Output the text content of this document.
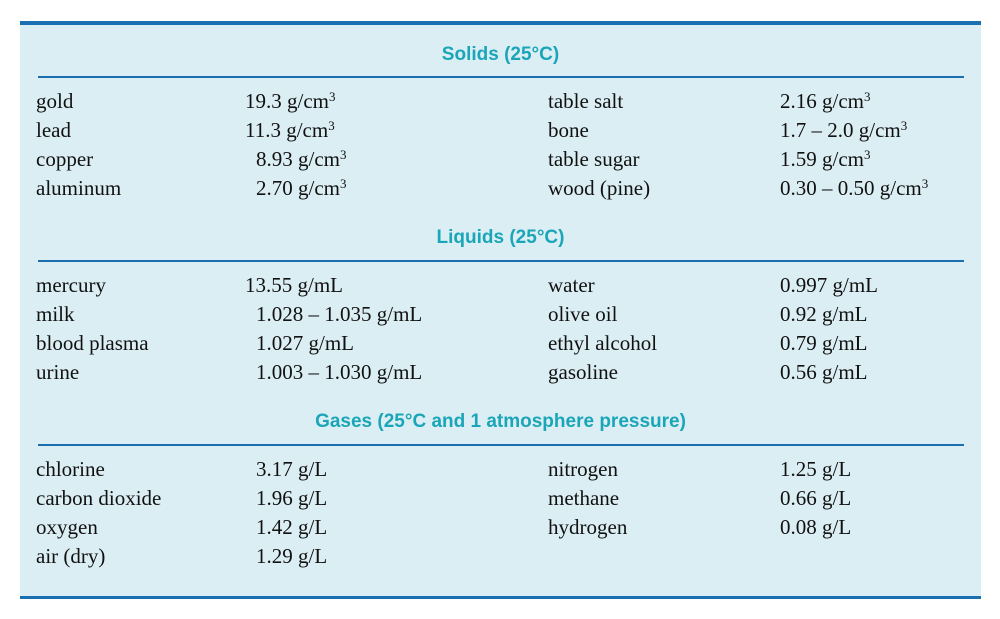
Solids (25°C)
gold	19.3 $g/cm^3$	table salt	2.16 $g/cm^3$
lead	11.3 $g/cm^3$	bone	1.7 – 2.0 $g/cm^3$
copper	8.93 $g/cm^3$	table sugar	1.59 $g/cm^3$
aluminum	2.70 $g/cm^3$	wood (pine)	0.30 – 0.50 $g/cm^3$
Liquids (25°C)
mercury	13.55 g/mL	water	0.997 g/mL
milk	1.028 – 1.035 g/mL	olive oil	0.92 g/mL
blood plasma	1.027 g/mL	ethyl alcohol	0.79 g/mL
urine	1.003 – 1.030 g/mL	gasoline	0.56 g/mL
Gases (25°C and 1 atmosphere pressure)
chlorine	3.17 g/L	nitrogen	1.25 g/L
carbon dioxide	1.96 g/L	methane	0.66 g/L
oxygen	1.42 g/L	hydrogen	0.08 g/L
air (dry)	1.29 g/L
